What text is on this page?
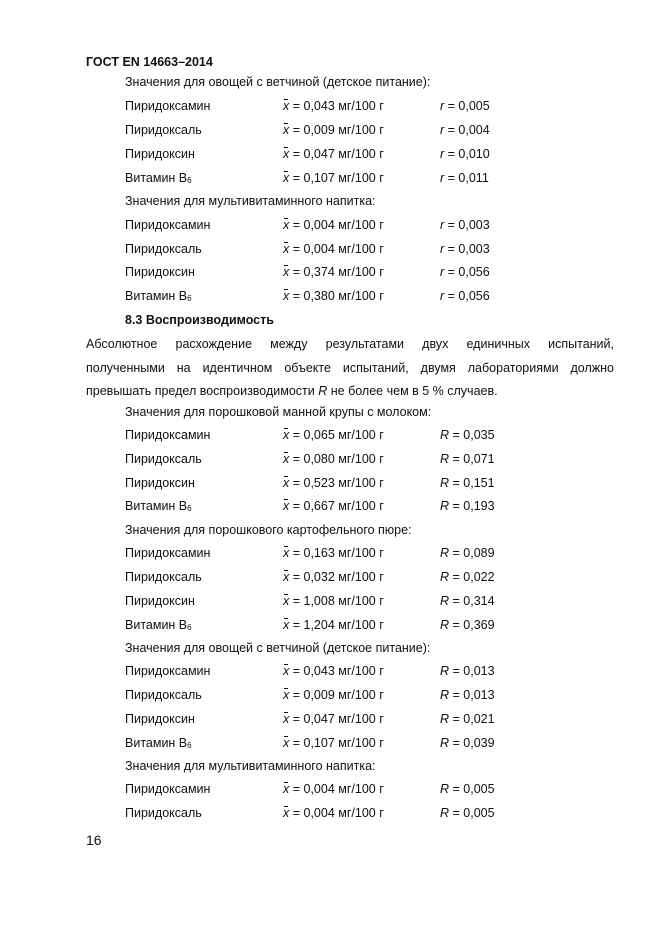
ГОСТ EN 14663–2014
Значения для овощей с ветчиной (детское питание):
Пиридоксамин	x = 0,043 мг/100 г	r = 0,005
Пиридоксаль	x = 0,009 мг/100 г	r = 0,004
Пиридоксин	x = 0,047 мг/100 г	r = 0,010
Витамин $В_6$	x = 0,107 мг/100 г	r = 0,011
Значения для мультивитаминного напитка:
Пиридоксамин	x = 0,004 мг/100 г	r = 0,003
Пиридоксаль	x = 0,004 мг/100 г	r = 0,003
Пиридоксин	x = 0,374 мг/100 г	r = 0,056
Витамин $В_6$	x = 0,380 мг/100 г	r = 0,056
8.3 Воспроизводимость
Абсолютное расхождение между результатами двух единичных испытаний,
полученными на идентичном объекте испытаний, двумя лабораториями должно
превышать предел воспроизводимости R не более чем в 5 % случаев.
Значения для порошковой манной крупы с молоком:
Пиридоксамин	x = 0,065 мг/100 г	R = 0,035
Пиридоксаль	x = 0,080 мг/100 г	R = 0,071
Пиридоксин	x = 0,523 мг/100 г	R = 0,151
Витамин $В_6$	x = 0,667 мг/100 г	R = 0,193
Значения для порошкового картофельного пюре:
Пиридоксамин	x = 0,163 мг/100 г	R = 0,089
Пиридоксаль	x = 0,032 мг/100 г	R = 0,022
Пиридоксин	x = 1,008 мг/100 г	R = 0,314
Витамин $В_6$	x = 1,204 мг/100 г	R = 0,369
Значения для овощей с ветчиной (детское питание):
Пиридоксамин	x = 0,043 мг/100 г	R = 0,013
Пиридоксаль	x = 0,009 мг/100 г	R = 0,013
Пиридоксин	x = 0,047 мг/100 г	R = 0,021
Витамин $В_6$	x = 0,107 мг/100 г	R = 0,039
Значения для мультивитаминного напитка:
Пиридоксамин	x = 0,004 мг/100 г	R = 0,005
Пиридоксаль	x = 0,004 мг/100 г	R = 0,005
16
